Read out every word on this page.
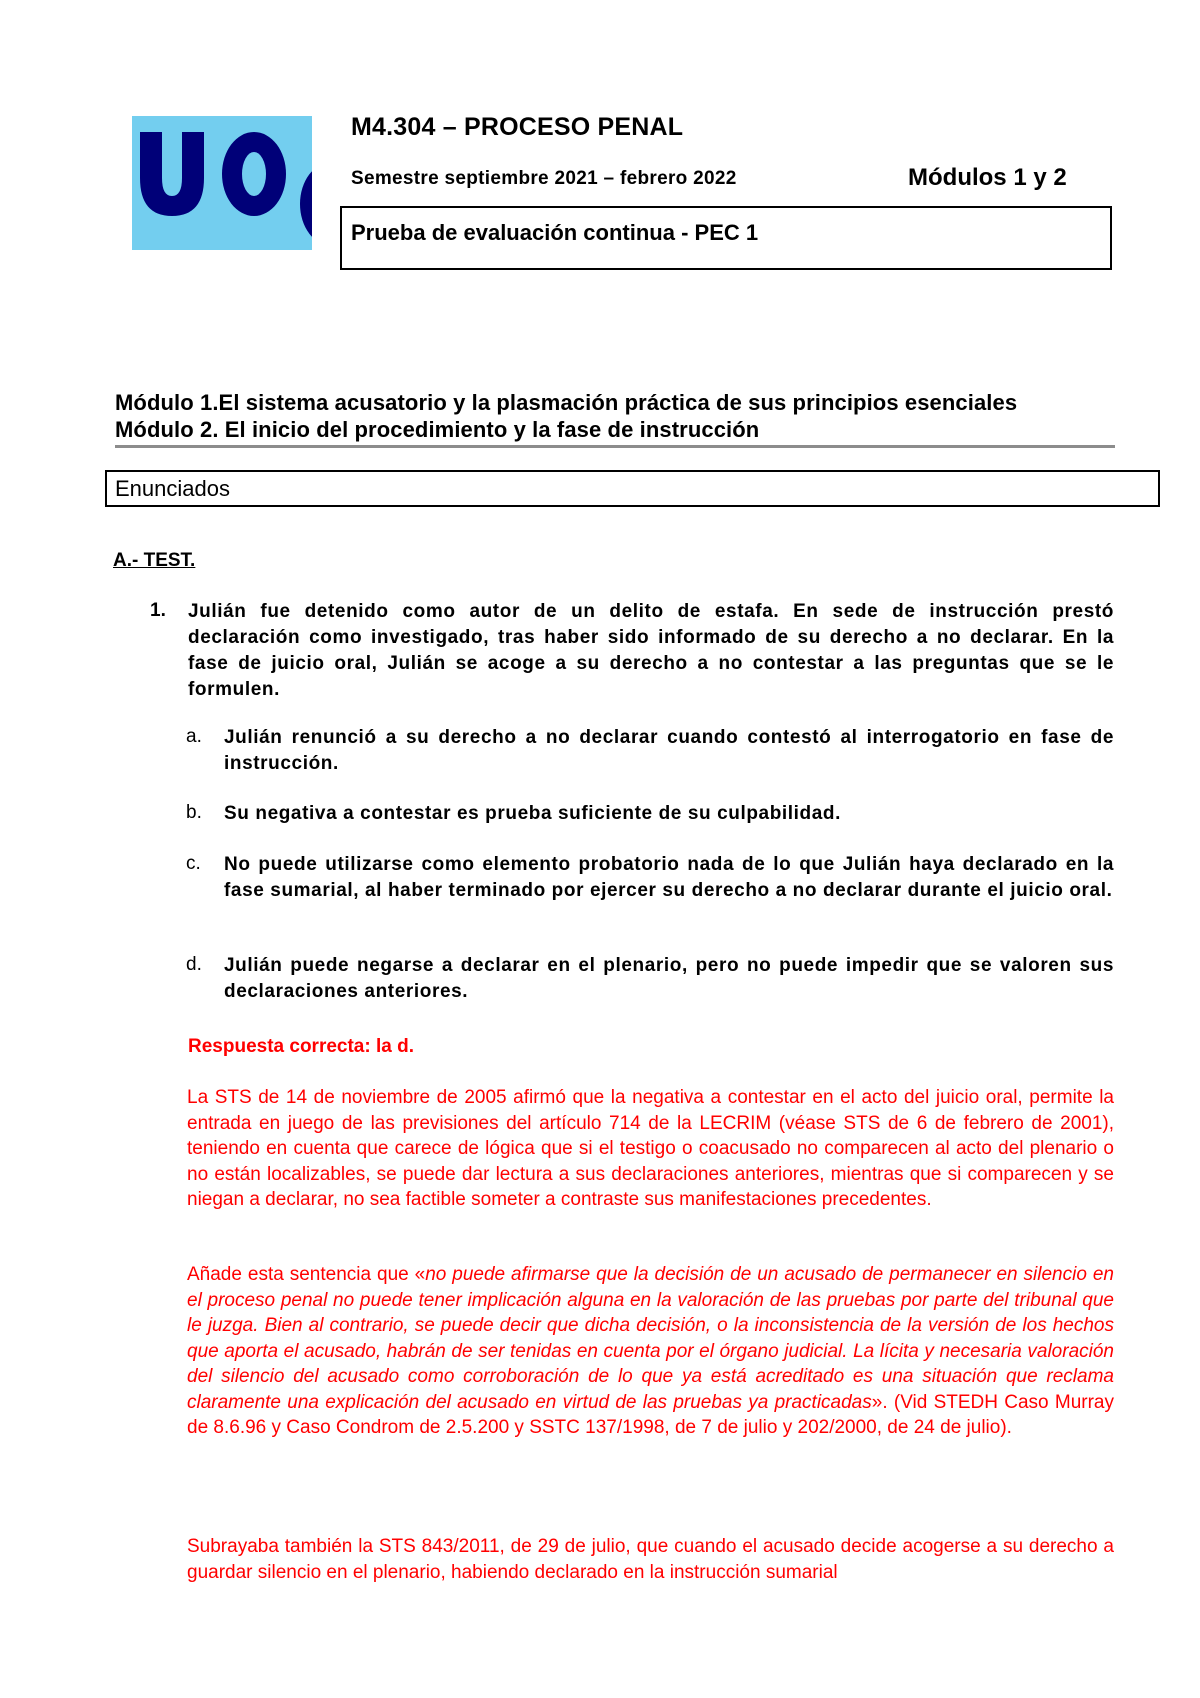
M4.304 – PROCESO PENAL
Semestre septiembre 2021 – febrero 2022	Módulos 1 y 2
Prueba de evaluación continua - PEC 1
Módulo 1.El sistema acusatorio y la plasmación práctica de sus principios esenciales
Módulo 2. El inicio del procedimiento y la fase de instrucción
Enunciados
A.- TEST.
1. Julián fue detenido como autor de un delito de estafa. En sede de instrucción prestó declaración como investigado, tras haber sido informado de su derecho a no declarar. En la fase de juicio oral, Julián se acoge a su derecho a no contestar a las preguntas que se le formulen.
a. Julián renunció a su derecho a no declarar cuando contestó al interrogatorio en fase de instrucción.
b. Su negativa a contestar es prueba suficiente de su culpabilidad.
c. No puede utilizarse como elemento probatorio nada de lo que Julián haya declarado en la fase sumarial, al haber terminado por ejercer su derecho a no declarar durante el juicio oral.
d. Julián puede negarse a declarar en el plenario, pero no puede impedir que se valoren sus declaraciones anteriores.
Respuesta correcta: la d.
La STS de 14 de noviembre de 2005 afirmó que la negativa a contestar en el acto del juicio oral, permite la entrada en juego de las previsiones del artículo 714 de la LECRIM (véase STS de 6 de febrero de 2001), teniendo en cuenta que carece de lógica que si el testigo o coacusado no comparecen al acto del plenario o no están localizables, se puede dar lectura a sus declaraciones anteriores, mientras que si comparecen y se niegan a declarar, no sea factible someter a contraste sus manifestaciones precedentes.
Añade esta sentencia que «no puede afirmarse que la decisión de un acusado de permanecer en silencio en el proceso penal no puede tener implicación alguna en la valoración de las pruebas por parte del tribunal que le juzga. Bien al contrario, se puede decir que dicha decisión, o la inconsistencia de la versión de los hechos que aporta el acusado, habrán de ser tenidas en cuenta por el órgano judicial. La lícita y necesaria valoración del silencio del acusado como corroboración de lo que ya está acreditado es una situación que reclama claramente una explicación del acusado en virtud de las pruebas ya practicadas». (Vid STEDH Caso Murray de 8.6.96 y Caso Condrom de 2.5.200 y SSTC 137/1998, de 7 de julio y 202/2000, de 24 de julio).
Subrayaba también la STS 843/2011, de 29 de julio, que cuando el acusado decide acogerse a su derecho a guardar silencio en el plenario, habiendo declarado en la instrucción sumarial
